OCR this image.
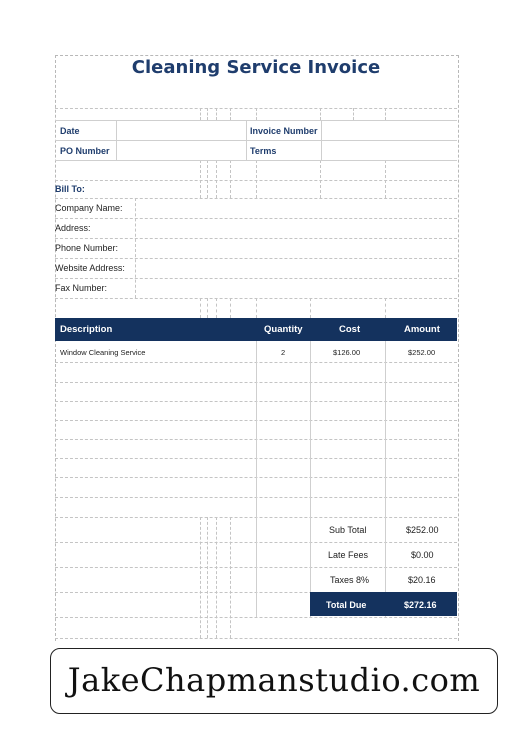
Cleaning Service Invoice
Date	Invoice Number
PO Number	Terms
Bill To:
Company Name:
Address:
Phone Number:
Website Address:
Fax Number:
Description	Quantity	Cost	Amount
Window Cleaning Service	2	$126.00	$252.00
Sub Total	$252.00
Late Fees	$0.00
Taxes 8%	$20.16
Total Due	$272.16
JakeChapmanstudio.com
